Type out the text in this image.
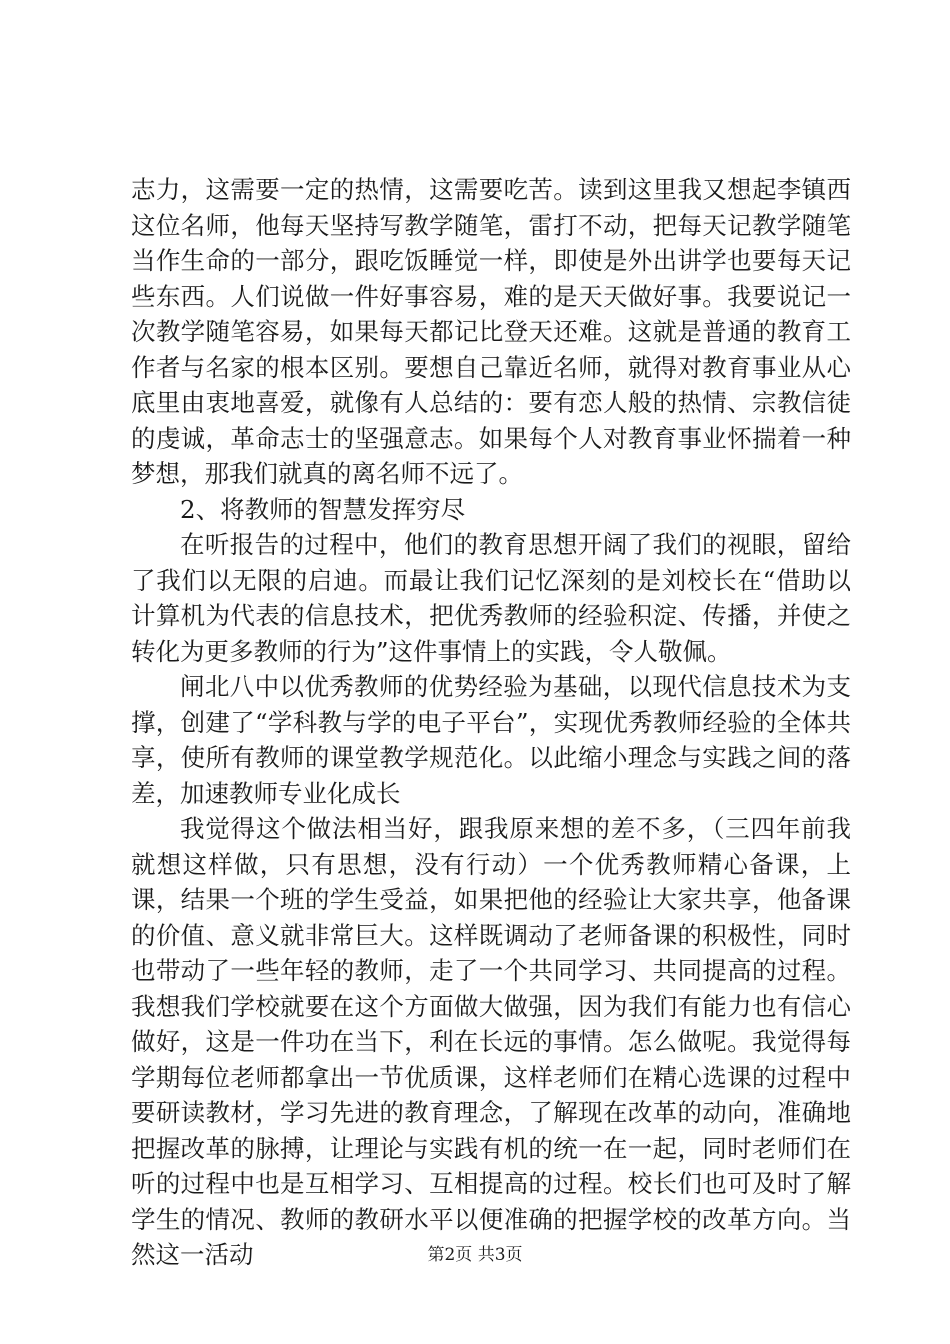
志力，这需要一定的热情，这需要吃苦。读到这里我又想起李镇西这位名师，他每天坚持写教学随笔，雷打不动，把每天记教学随笔当作生命的一部分，跟吃饭睡觉一样，即使是外出讲学也要每天记些东西。人们说做一件好事容易，难的是天天做好事。我要说记一次教学随笔容易，如果每天都记比登天还难。这就是普通的教育工作者与名家的根本区别。要想自己靠近名师，就得对教育事业从心底里由衷地喜爱，就像有人总结的：要有恋人般的热情、宗教信徒的虔诚，革命志士的坚强意志。如果每个人对教育事业怀揣着一种梦想，那我们就真的离名师不远了。

2、将教师的智慧发挥穷尽

在听报告的过程中，他们的教育思想开阔了我们的视眼，留给了我们以无限的启迪。而最让我们记忆深刻的是刘校长在“借助以计算机为代表的信息技术，把优秀教师的经验积淀、传播，并使之转化为更多教师的行为”这件事情上的实践，令人敬佩。

闸北八中以优秀教师的优势经验为基础，以现代信息技术为支撑，创建了“学科教与学的电子平台”，实现优秀教师经验的全体共享，使所有教师的课堂教学规范化。以此缩小理念与实践之间的落差，加速教师专业化成长

我觉得这个做法相当好，跟我原来想的差不多，（三四年前我就想这样做，只有思想，没有行动）一个优秀教师精心备课，上课，结果一个班的学生受益，如果把他的经验让大家共享，他备课的价值、意义就非常巨大。这样既调动了老师备课的积极性，同时也带动了一些年轻的教师，走了一个共同学习、共同提高的过程。我想我们学校就要在这个方面做大做强，因为我们有能力也有信心做好，这是一件功在当下，利在长远的事情。怎么做呢。我觉得每学期每位老师都拿出一节优质课，这样老师们在精心选课的过程中要研读教材，学习先进的教育理念，了解现在改革的动向，准确地把握改革的脉搏，让理论与实践有机的统一在一起，同时老师们在听的过程中也是互相学习、互相提高的过程。校长们也可及时了解学生的情况、教师的教研水平以便准确的把握学校的改革方向。当然这一活动	第2页 共3页
